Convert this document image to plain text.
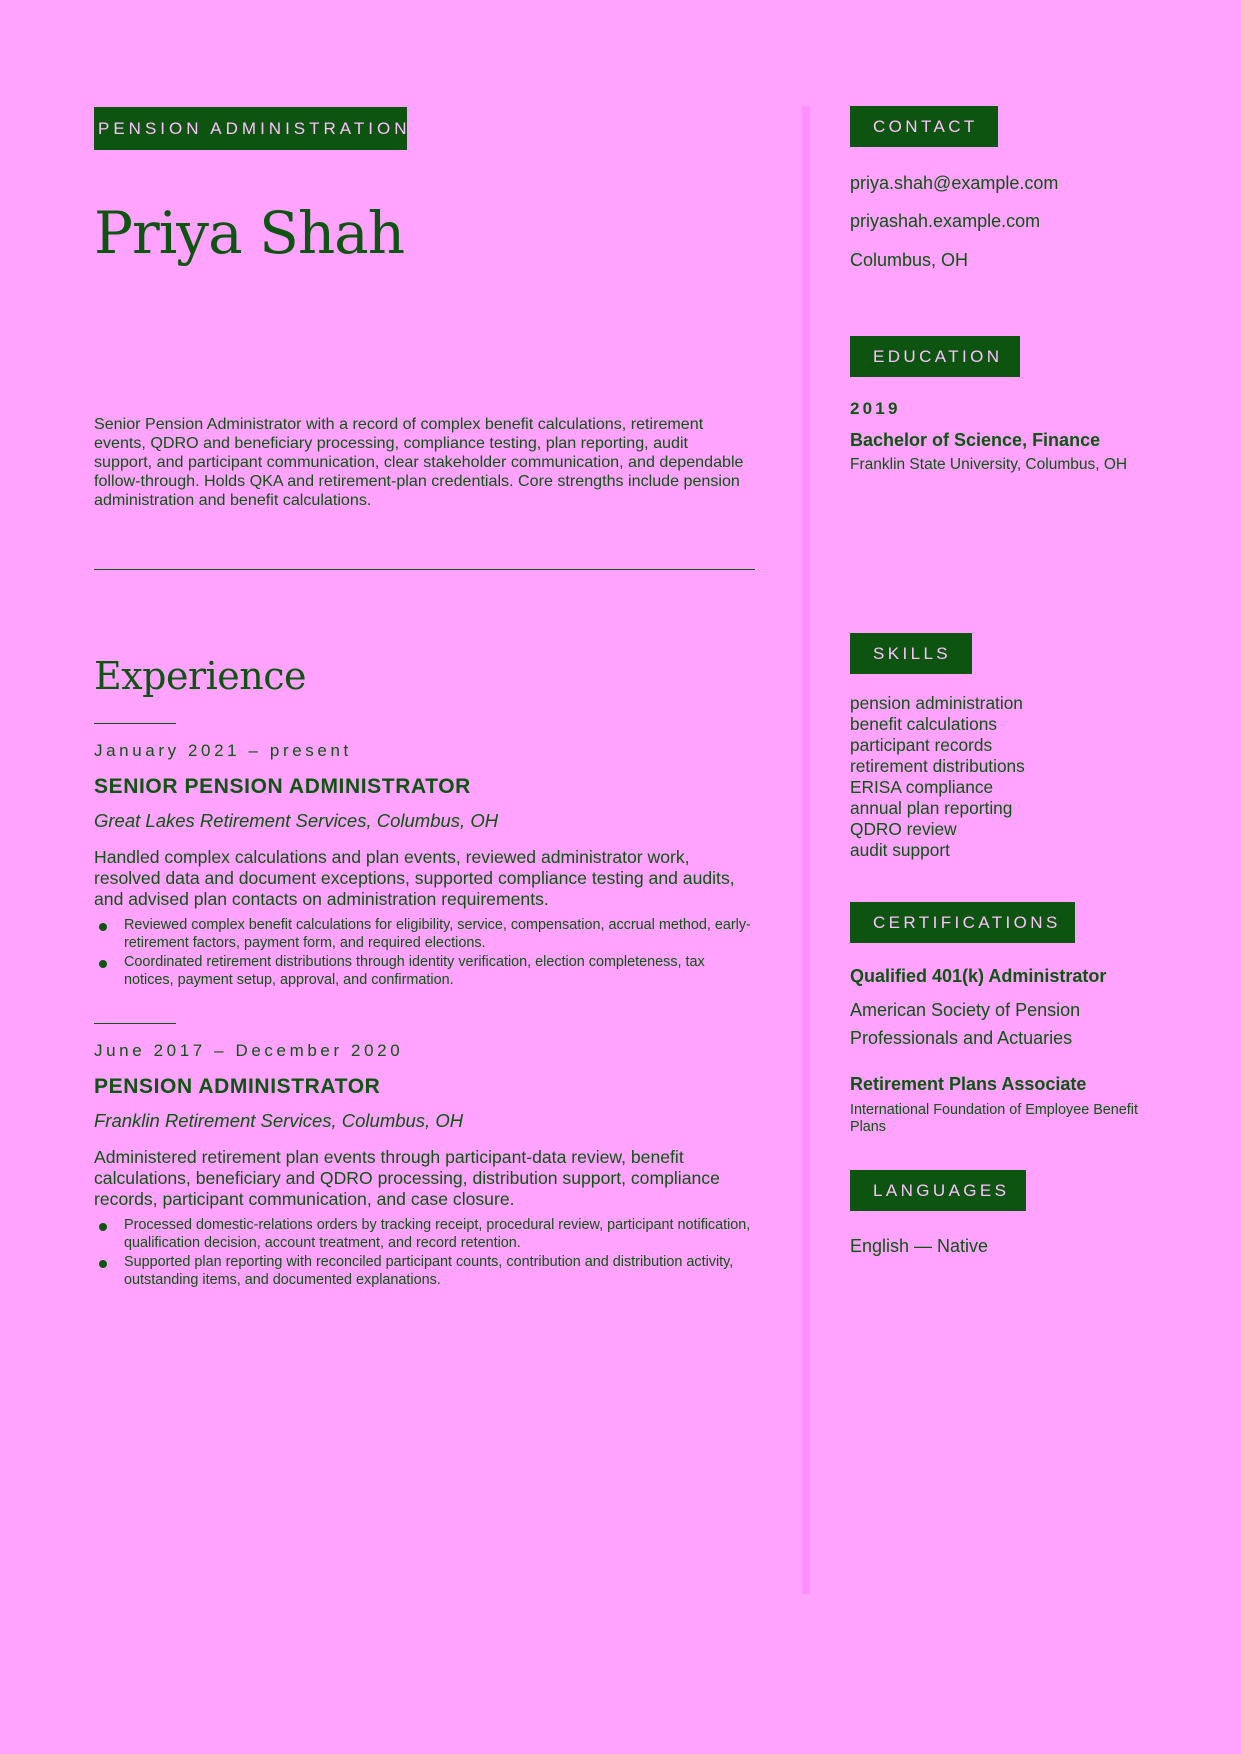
PENSION ADMINISTRATION
Priya Shah

Senior Pension Administrator with a record of complex benefit calculations, retirement events, QDRO and beneficiary processing, compliance testing, plan reporting, audit support, and participant communication, clear stakeholder communication, and dependable follow-through. Holds QKA and retirement-plan credentials. Core strengths include pension administration and benefit calculations.

Experience
January 2021 – present
SENIOR PENSION ADMINISTRATOR
Great Lakes Retirement Services, Columbus, OH

Handled complex calculations and plan events, reviewed administrator work, resolved data and document exceptions, supported compliance testing and audits, and advised plan contacts on administration requirements.

Reviewed complex benefit calculations for eligibility, service, compensation, accrual method, early-retirement factors, payment form, and required elections.
Coordinated retirement distributions through identity verification, election completeness, tax notices, payment setup, approval, and confirmation.
June 2017 – December 2020
PENSION ADMINISTRATOR
Franklin Retirement Services, Columbus, OH

Administered retirement plan events through participant-data review, benefit calculations, beneficiary and QDRO processing, distribution support, compliance records, participant communication, and case closure.

Processed domestic-relations orders by tracking receipt, procedural review, participant notification, qualification decision, account treatment, and record retention.
Supported plan reporting with reconciled participant counts, contribution and distribution activity, outstanding items, and documented explanations.
CONTACT
priya.shah@example.com
priyashah.example.com
Columbus, OH
EDUCATION
2019
Bachelor of Science, Finance
Franklin State University, Columbus, OH
SKILLS
pension administration
benefit calculations
participant records
retirement distributions
ERISA compliance
annual plan reporting
QDRO review
audit support
CERTIFICATIONS
Qualified 401(k) Administrator
American Society of Pension Professionals and Actuaries
Retirement Plans Associate
International Foundation of Employee Benefit Plans
LANGUAGES
English — Native
